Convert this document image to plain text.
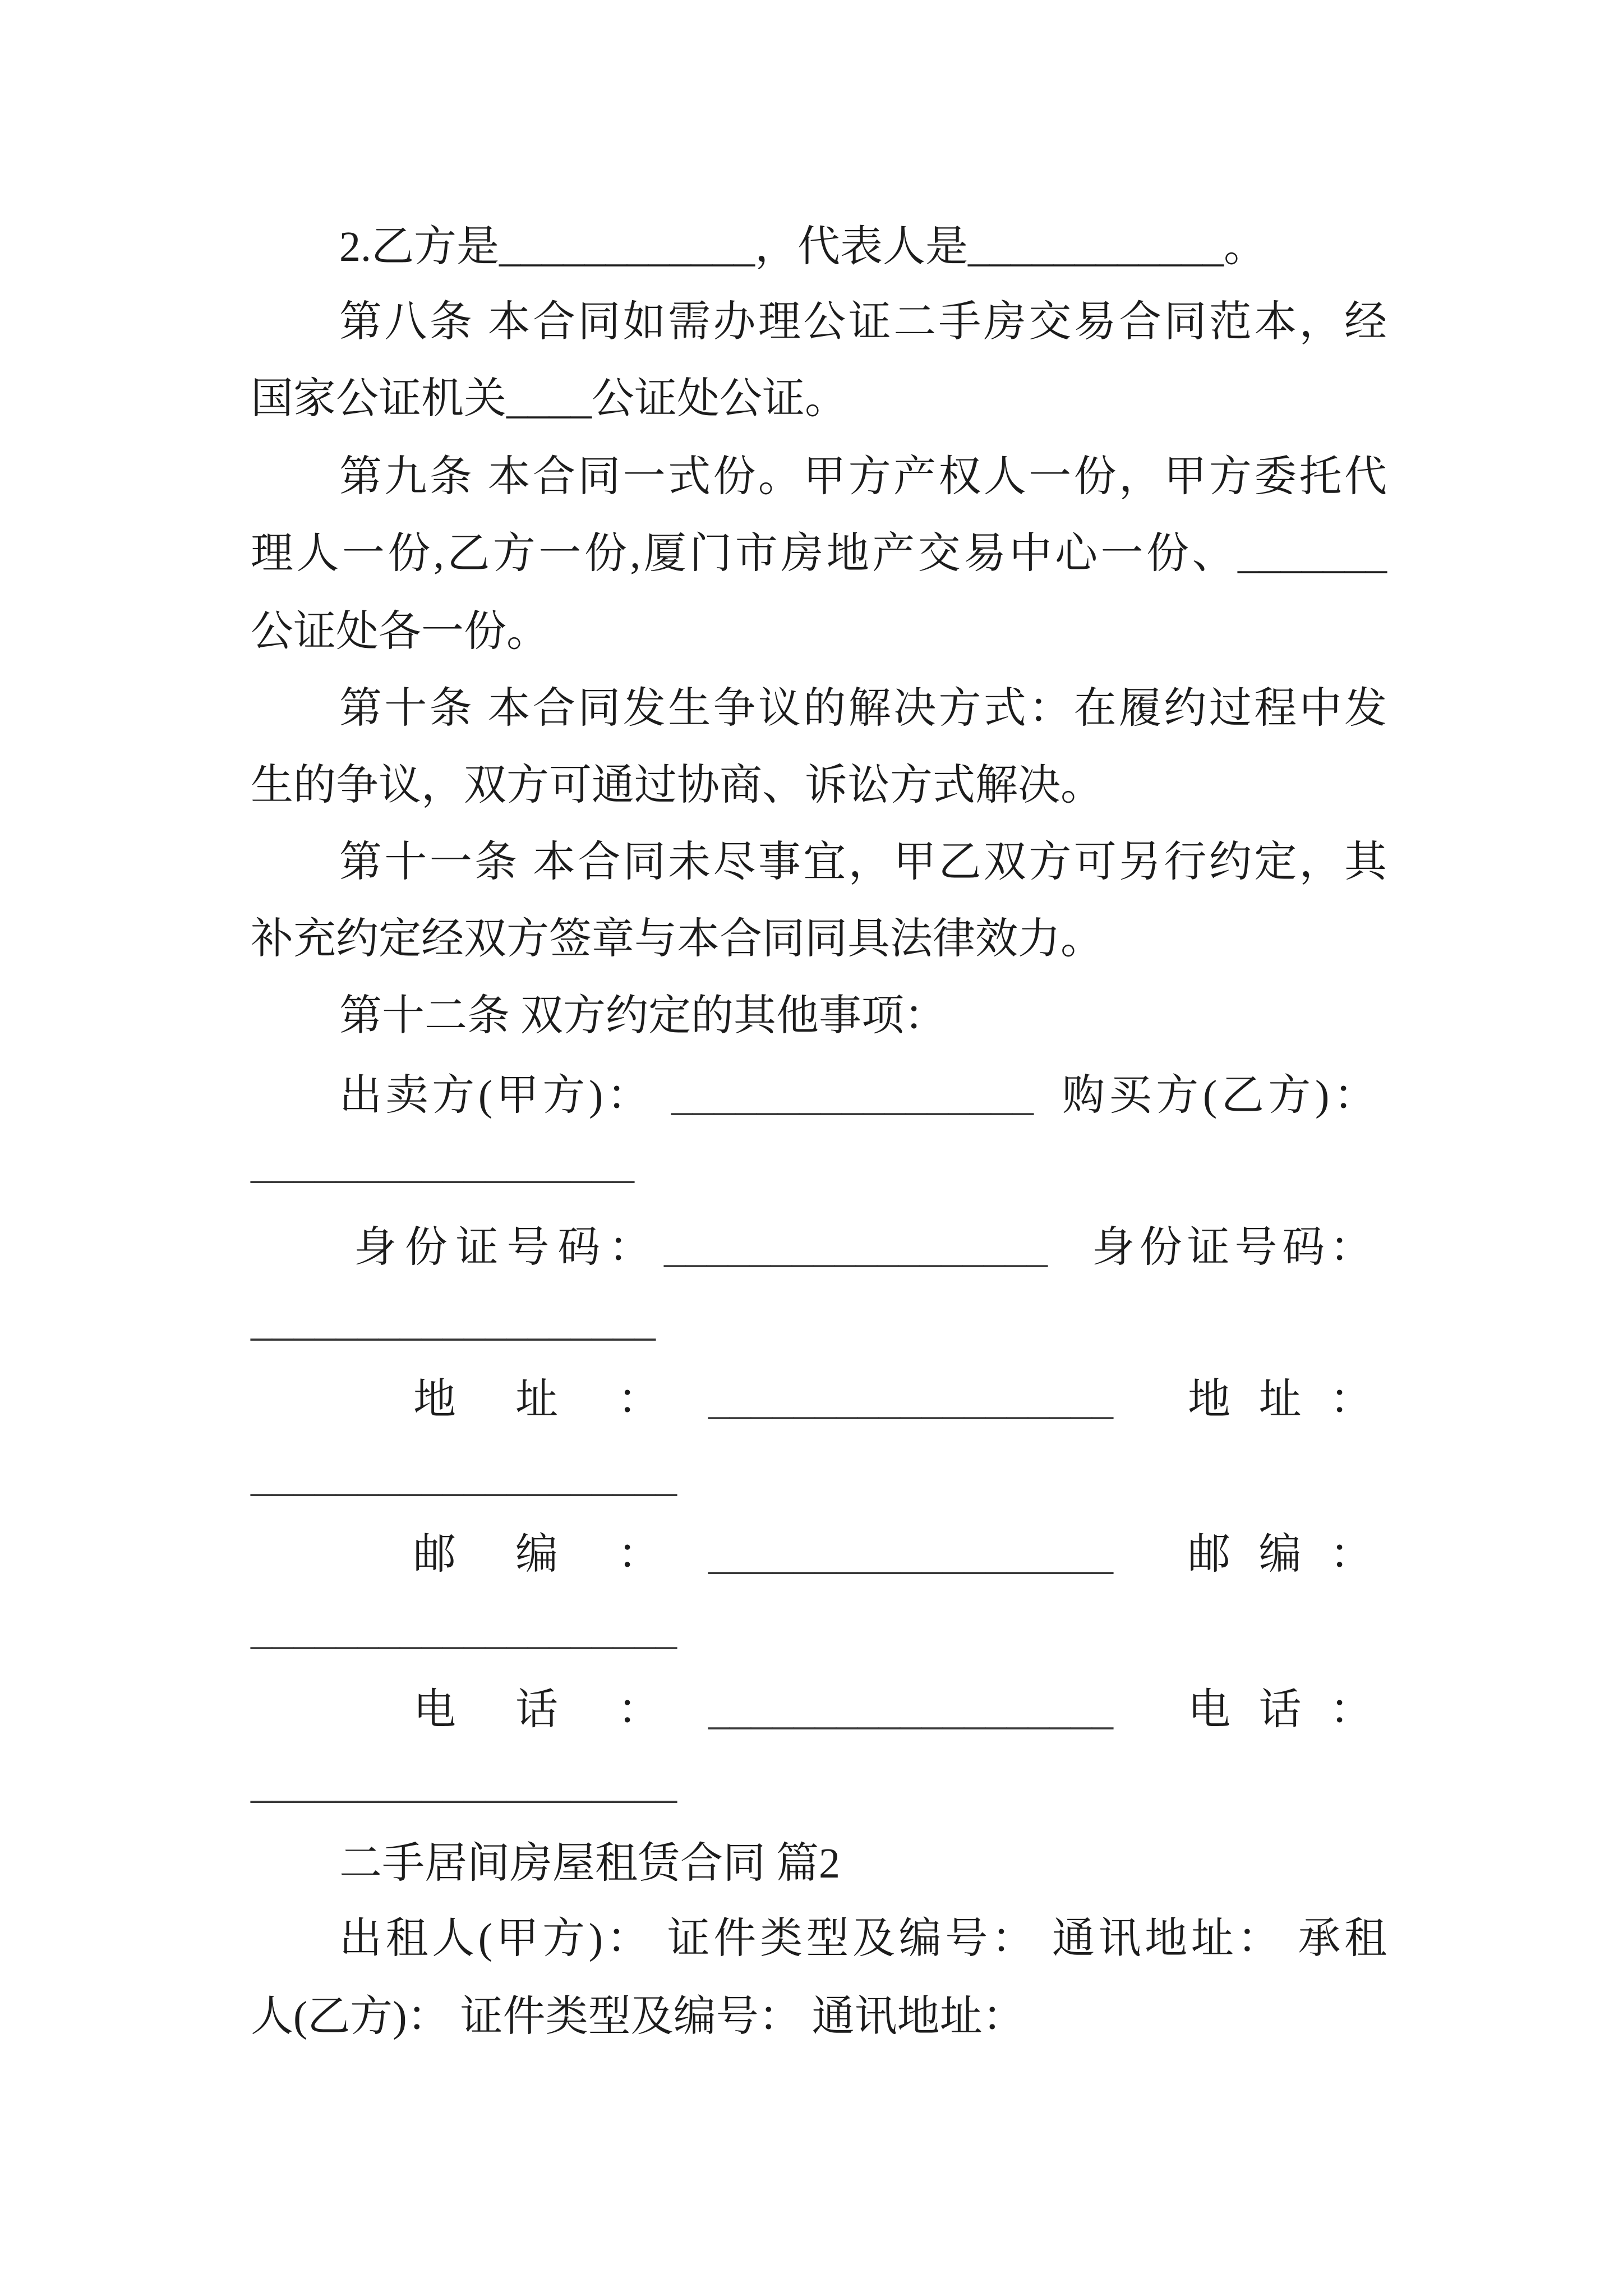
2.乙方是____________，代表人是____________。
第八条 本合同如需办理公证二手房交易合同范本，经
国家公证机关____公证处公证。
第九条 本合同一式份。甲方产权人一份，甲方委托代
理人一份,乙方一份,厦门市房地产交易中心一份、_______
公证处各一份。
第十条 本合同发生争议的解决方式：在履约过程中发
生的争议，双方可通过协商、诉讼方式解决。
第十一条 本合同未尽事宜，甲乙双方可另行约定，其
补充约定经双方签章与本合同同具法律效力。
第十二条 双方约定的其他事项：
出卖方(甲方)： _________________ 购买方(乙方)：
__________________
身份证号码： __________________ 身份证号码：
___________________
地址： ___________________ 地址：
____________________
邮编： ___________________ 邮编：
____________________
电话： ___________________ 电话：
____________________
二手居间房屋租赁合同 篇2
出租人(甲方)： 证件类型及编号： 通讯地址： 承租
人(乙方)： 证件类型及编号： 通讯地址：
